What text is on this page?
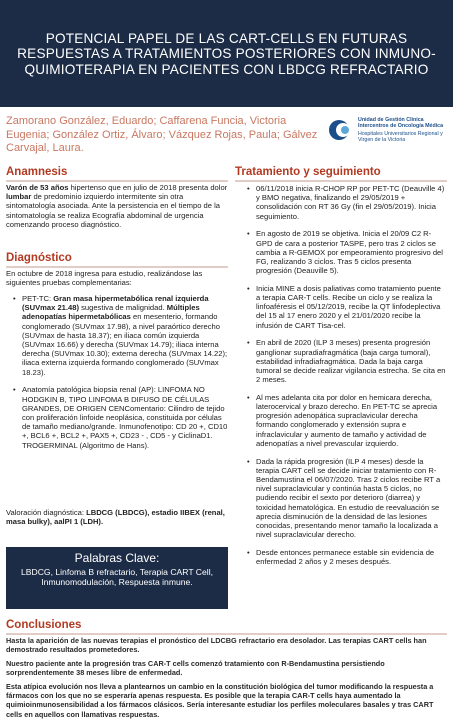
POTENCIAL PAPEL DE LAS CART-CELLS EN FUTURAS RESPUESTAS A TRATAMIENTOS POSTERIORES CON INMUNO-QUIMIOTERAPIA EN PACIENTES CON LBDCG REFRACTARIO
Zamorano González, Eduardo; Caffarena Funcia, Victoria Eugenia; González Ortiz, Álvaro; Vázquez Rojas, Paula; Gálvez Carvajal, Laura.
Unidad de Gestión Clínica Intercentros de Oncología Médica
Hospitales Universitarios Regional y Virgen de la Victoria
Anamnesis
Varón de 53 años hipertenso que en julio de 2018 presenta dolor lumbar de predominio izquierdo intermitente sin otra sintomatología asociada. Ante la persistencia en el tiempo de la sintomatología se realiza Ecografía abdominal de urgencia comenzando proceso diagnóstico.
Diagnóstico
En octubre de 2018 ingresa para estudio, realizándose las siguientes pruebas complementarias:
• PET-TC: Gran masa hipermetabólica renal izquierda (SUVmax 21.48) sugestiva de malignidad. Múltiples adenopatías hipermetabólicas en mesenterio, formando conglomerado (SUVmax 17.98), a nivel paraórtico derecho (SUVmax de hasta 18.37); en iliaca común izquierda (SUVmax 16.66) y derecha (SUVmax 14.79); iliaca interna derecha (SUVmax 10.30); externa derecha (SUVmax 14.22); iliaca externa izquierda formando conglomerado (SUVmax 18.23).
• Anatomía patológica biopsia renal (AP): LINFOMA NO HODGKIN B, TIPO LINFOMA B DIFUSO DE CÉLULAS GRANDES, DE ORIGEN CENComentario: Cilindro de tejido con proliferación linfoide neoplásica, constituida por células de tamaño mediano/grande. Inmunofenotipo: CD 20 +, CD10 +, BCL6 +, BCL2 +, PAX5 +, CD23 - , CD5 - y CiclinaD1. TROGERMINAL (Algoritmo de Hans).
Valoración diagnóstica: LBDCG (LBDCG), estadio IIBEX (renal, masa bulky), aalPI 1 (LDH).
Palabras Clave:
LBDCG, Linfoma B refractario, Terapia CART Cell, Inmunomodulación, Respuesta inmune.
Tratamiento y seguimiento
• 06/11/2018 inicia R-CHOP RP por PET-TC (Deauville 4) y BMO negativa, finalizando el 29/05/2019 + consolidación con RT 36 Gy (fin el 29/05/2019). Inicia seguimiento.
• En agosto de 2019 se objetiva. Inicia el 20/09 C2 R-GPD de cara a posterior TASPE, pero tras 2 ciclos se cambia a R-GEMOX por empeoramiento progresivo del FG, realizando 3 ciclos. Tras 5 ciclos presenta progresión (Deauville 5).
• Inicia MINE a dosis paliativas como tratamiento puente a terapia CAR-T cells. Recibe un ciclo y se realiza la linfoaféresis el 05/12/2019, recibe la QT linfodeplectiva del 15 al 17 enero 2020 y el 21/01/2020 recibe la infusión de CART Tisa-cel.
• En abril de 2020 (ILP 3 meses) presenta progresión ganglionar supradiafragmática (baja carga tumoral), estabilidad infradiafragmática. Dada la baja carga tumoral se decide realizar vigilancia estrecha. Se cita en 2 meses.
• Al mes adelanta cita por dolor en hemicara derecha, laterocervical y brazo derecho. En PET-TC se aprecia progresión adenopática supraclavicular derecha formando conglomerado y extensión supra e infraclavicular y aumento de tamaño y actividad de adenopatías a nivel prevascular izquierdo.
• Dada la rápida progresión (ILP 4 meses) desde la terapia CART cell se decide iniciar tratamiento con R-Bendamustina el 06/07/2020. Tras 2 ciclos recibe RT a nivel supraclavicular y continúa hasta 5 ciclos, no pudiendo recibir el sexto por deterioro (diarrea) y toxicidad hematológica. En estudio de reevaluación se aprecia disminución de la densidad de las lesiones conocidas, presentando menor tamaño la localizada a nivel supraclavicular derecho.
• Desde entonces permanece estable sin evidencia de enfermedad 2 años y 2 meses después.
Conclusiones
Hasta la aparición de las nuevas terapias el pronóstico del LDCBG refractario era desolador. Las terapias CART cells han demostrado resultados prometedores.
Nuestro paciente ante la progresión tras CAR-T cells comenzó tratamiento con R-Bendamustina persistiendo sorprendentemente 38 meses libre de enfermedad.
Esta atípica evolución nos lleva a plantearnos un cambio en la constitución biológica del tumor modificando la respuesta a fármacos con los que no se esperaría apenas respuesta. Es posible que la terapia CAR-T cells haya aumentado la quimioinmunosensibilidad a los fármacos clásicos. Sería interesante estudiar los perfiles moleculares basales y tras CART cells en aquellos con llamativas respuestas.
